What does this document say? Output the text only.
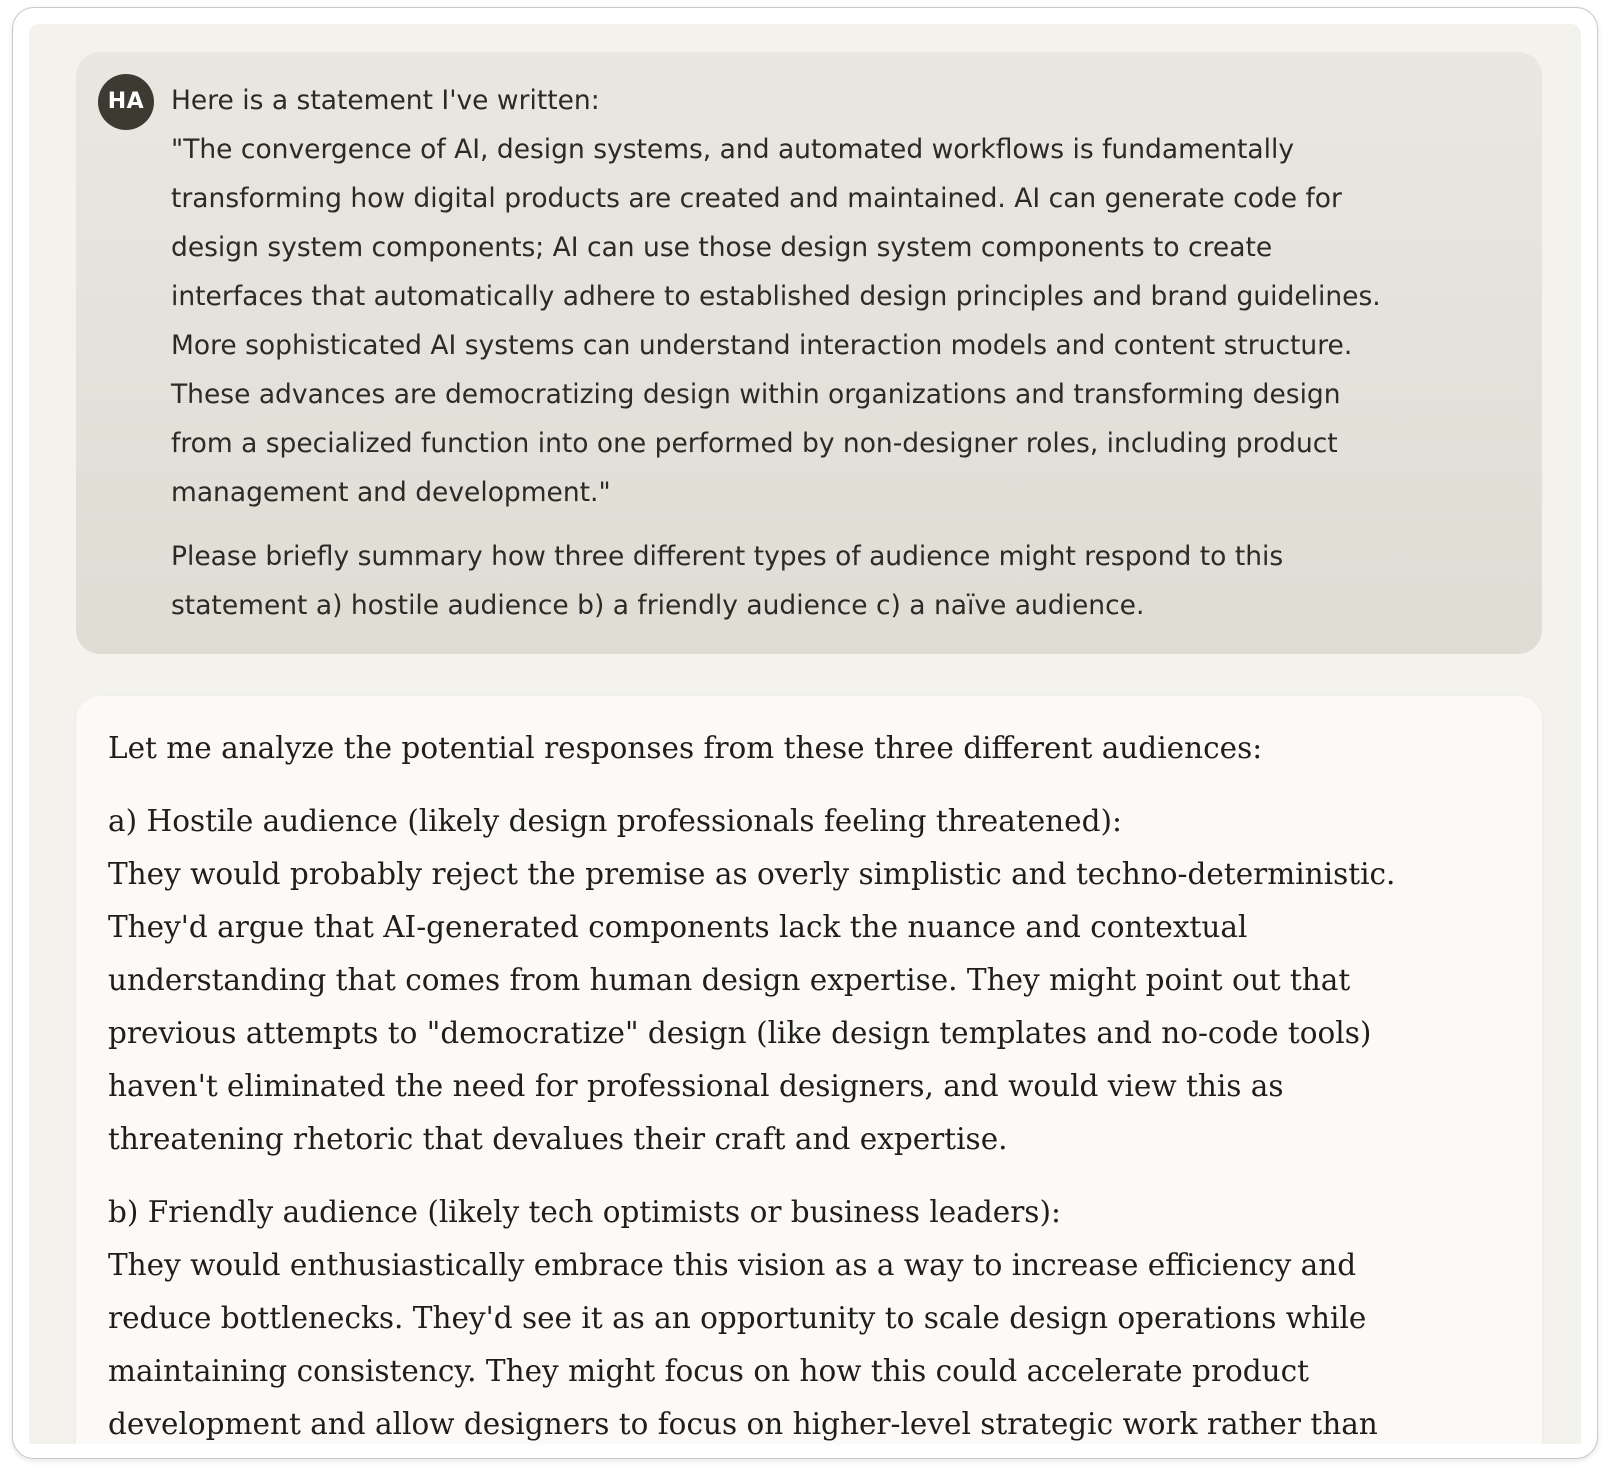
HA	Here is a statement I've written:

"The convergence of AI, design systems, and automated workflows is fundamentally

transforming how digital products are created and maintained. AI can generate code for

design system components; AI can use those design system components to create

interfaces that automatically adhere to established design principles and brand guidelines.

More sophisticated AI systems can understand interaction models and content structure.

These advances are democratizing design within organizations and transforming design

from a specialized function into one performed by non-designer roles, including product

management and development."

Please briefly summary how three different types of audience might respond to this

statement a) hostile audience b) a friendly audience c) a naïve audience.

Let me analyze the potential responses from these three different audiences:

a) Hostile audience (likely design professionals feeling threatened):

They would probably reject the premise as overly simplistic and techno-deterministic.

They'd argue that AI-generated components lack the nuance and contextual

understanding that comes from human design expertise. They might point out that

previous attempts to "democratize" design (like design templates and no-code tools)

haven't eliminated the need for professional designers, and would view this as

threatening rhetoric that devalues their craft and expertise.

b) Friendly audience (likely tech optimists or business leaders):

They would enthusiastically embrace this vision as a way to increase efficiency and

reduce bottlenecks. They'd see it as an opportunity to scale design operations while

maintaining consistency. They might focus on how this could accelerate product

development and allow designers to focus on higher-level strategic work rather than
